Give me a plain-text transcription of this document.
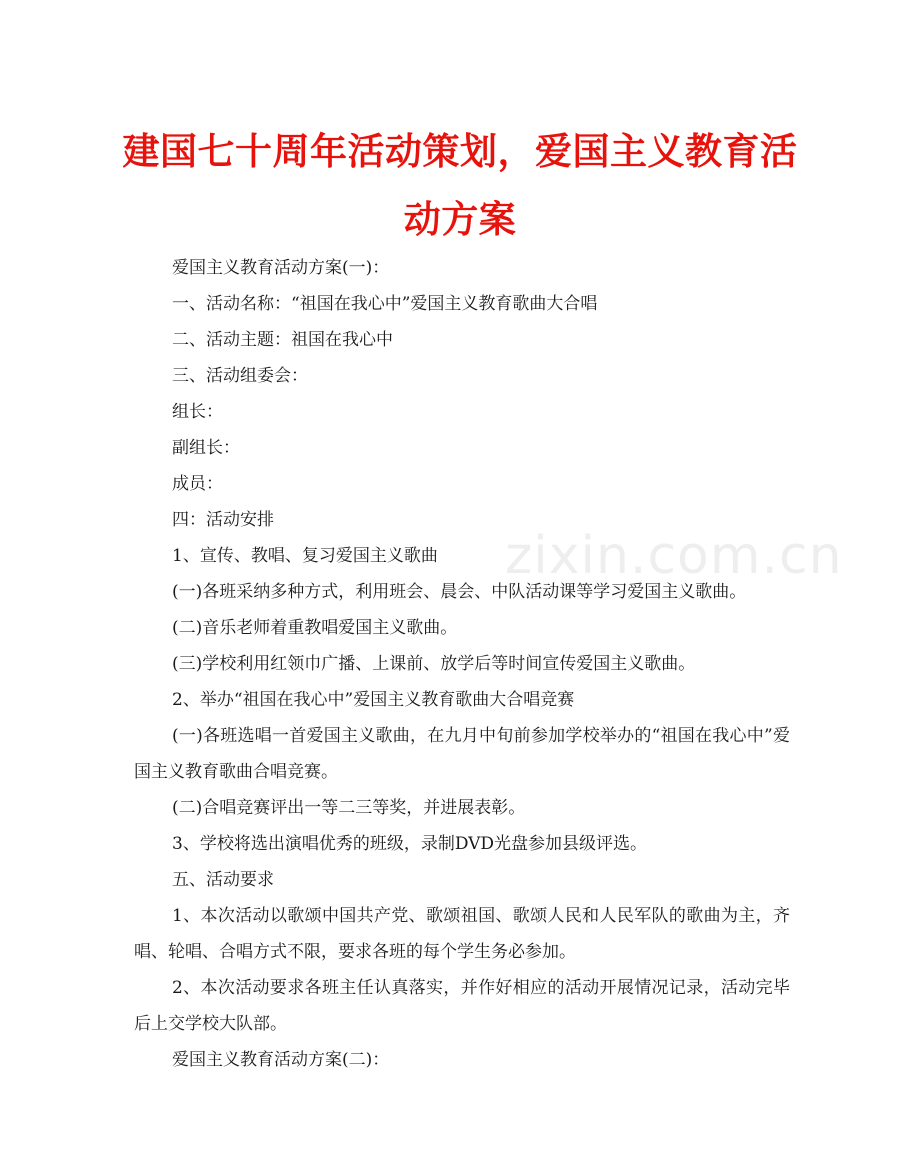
建国七十周年活动策划，爱国主义教育活动方案

爱国主义教育活动方案(一)：

一、活动名称：“祖国在我心中”爱国主义教育歌曲大合唱

二、活动主题：祖国在我心中

三、活动组委会：

组长：

副组长：

成员：

四：活动安排

1、宣传、教唱、复习爱国主义歌曲

(一)各班采纳多种方式，利用班会、晨会、中队活动课等学习爱国主义歌曲。

(二)音乐老师着重教唱爱国主义歌曲。

(三)学校利用红领巾广播、上课前、放学后等时间宣传爱国主义歌曲。

2、举办“祖国在我心中”爱国主义教育歌曲大合唱竞赛

(一)各班选唱一首爱国主义歌曲，在九月中旬前参加学校举办的“祖国在我心中”爱国主义教育歌曲合唱竞赛。

(二)合唱竞赛评出一等二三等奖，并进展表彰。

3、学校将选出演唱优秀的班级，录制DVD光盘参加县级评选。

五、活动要求

1、本次活动以歌颂中国共产党、歌颂祖国、歌颂人民和人民军队的歌曲为主，齐唱、轮唱、合唱方式不限，要求各班的每个学生务必参加。

2、本次活动要求各班主任认真落实，并作好相应的活动开展情况记录，活动完毕后上交学校大队部。

爱国主义教育活动方案(二)：

zixin.com.cn
